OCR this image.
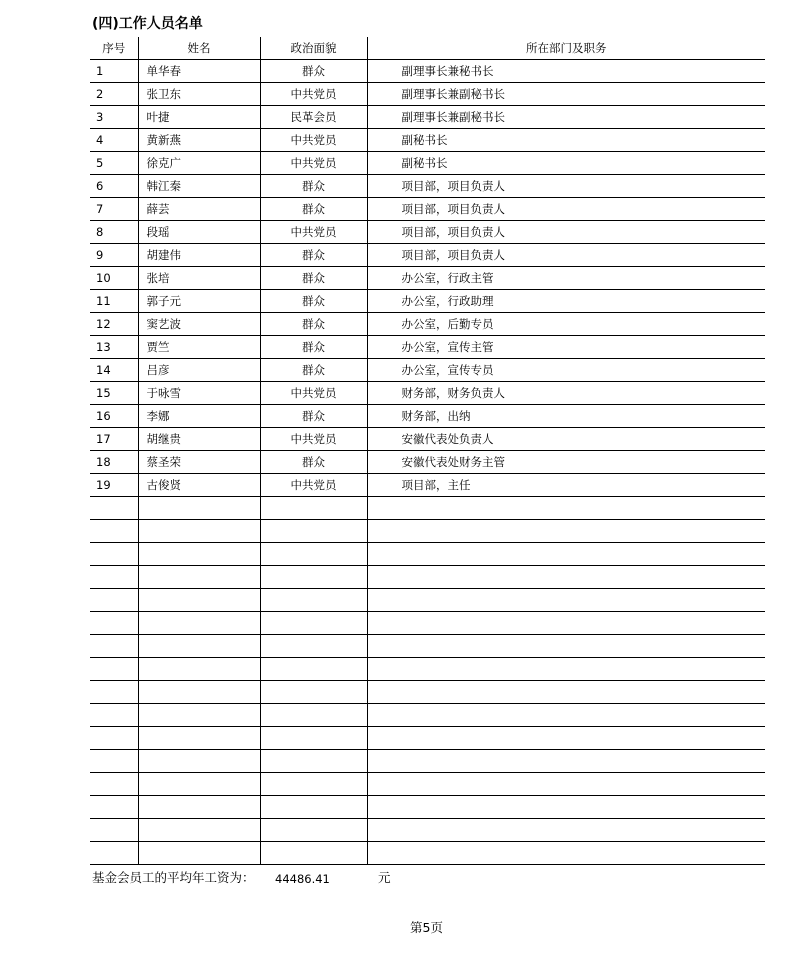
(四)工作人员名单
序号	姓名	政治面貌	所在部门及职务
1	单华春	群众	副理事长兼秘书长
2	张卫东	中共党员	副理事长兼副秘书长
3	叶捷	民革会员	副理事长兼副秘书长
4	黄新燕	中共党员	副秘书长
5	徐克广	中共党员	副秘书长
6	韩江秦	群众	项目部，项目负责人
7	薛芸	群众	项目部，项目负责人
8	段瑶	中共党员	项目部，项目负责人
9	胡建伟	群众	项目部，项目负责人
10	张培	群众	办公室，行政主管
11	郭子元	群众	办公室，行政助理
12	窦艺波	群众	办公室，后勤专员
13	贾竺	群众	办公室，宣传主管
14	吕彦	群众	办公室，宣传专员
15	于咏雪	中共党员	财务部，财务负责人
16	李娜	群众	财务部，出纳
17	胡继贵	中共党员	安徽代表处负责人
18	蔡圣荣	群众	安徽代表处财务主管
19	古俊贤	中共党员	项目部，主任

基金会员工的平均年工资为： 44486.41	元
第5页
